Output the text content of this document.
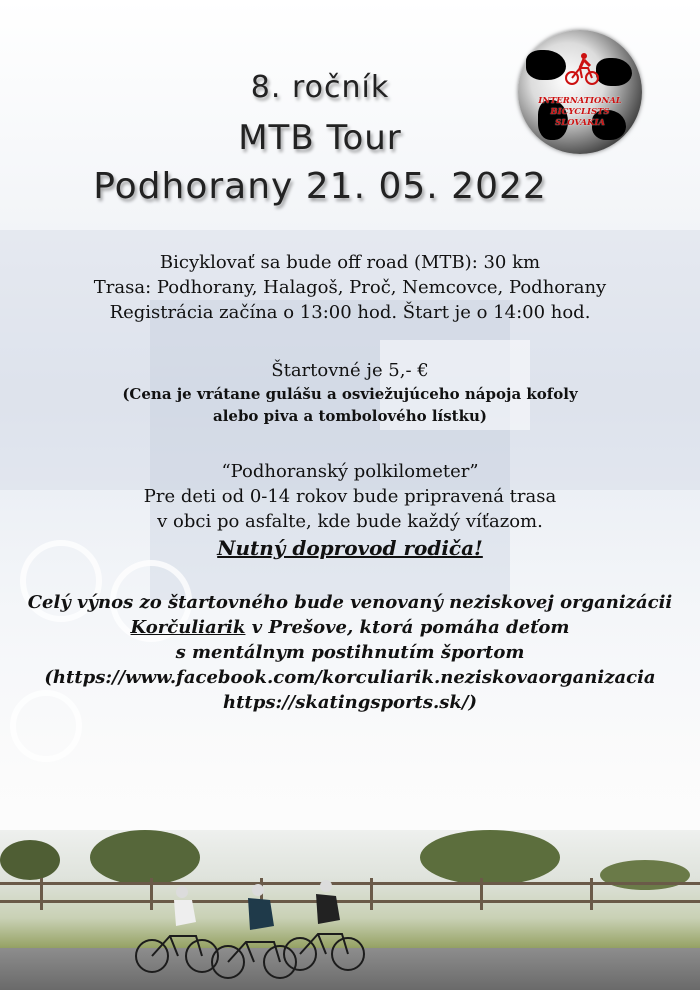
8. ročník
MTB Tour
Podhorany 21. 05. 2022
INTERNATIONAL
BICYCLISTS
SLOVAKIA
Bicyklovať sa bude off road (MTB): 30 km
Trasa: Podhorany, Halagoš, Proč, Nemcovce, Podhorany
Registrácia začína o 13:00 hod. Štart je o 14:00 hod.
Štartovné je 5,- €
(Cena je vrátane gulášu a osviežujúceho nápoja kofoly
alebo piva a tombolového lístku)
“Podhoranský polkilometer”
Pre deti od 0-14 rokov bude pripravená trasa
v obci po asfalte, kde bude každý víťazom.
Nutný doprovod rodiča!
Celý výnos zo štartovného bude venovaný neziskovej organizácii
Korčuliarik v Prešove, ktorá pomáha deťom
s mentálnym postihnutím športom
(https://www.facebook.com/korculiarik.neziskovaorganizacia
https://skatingsports.sk/)
